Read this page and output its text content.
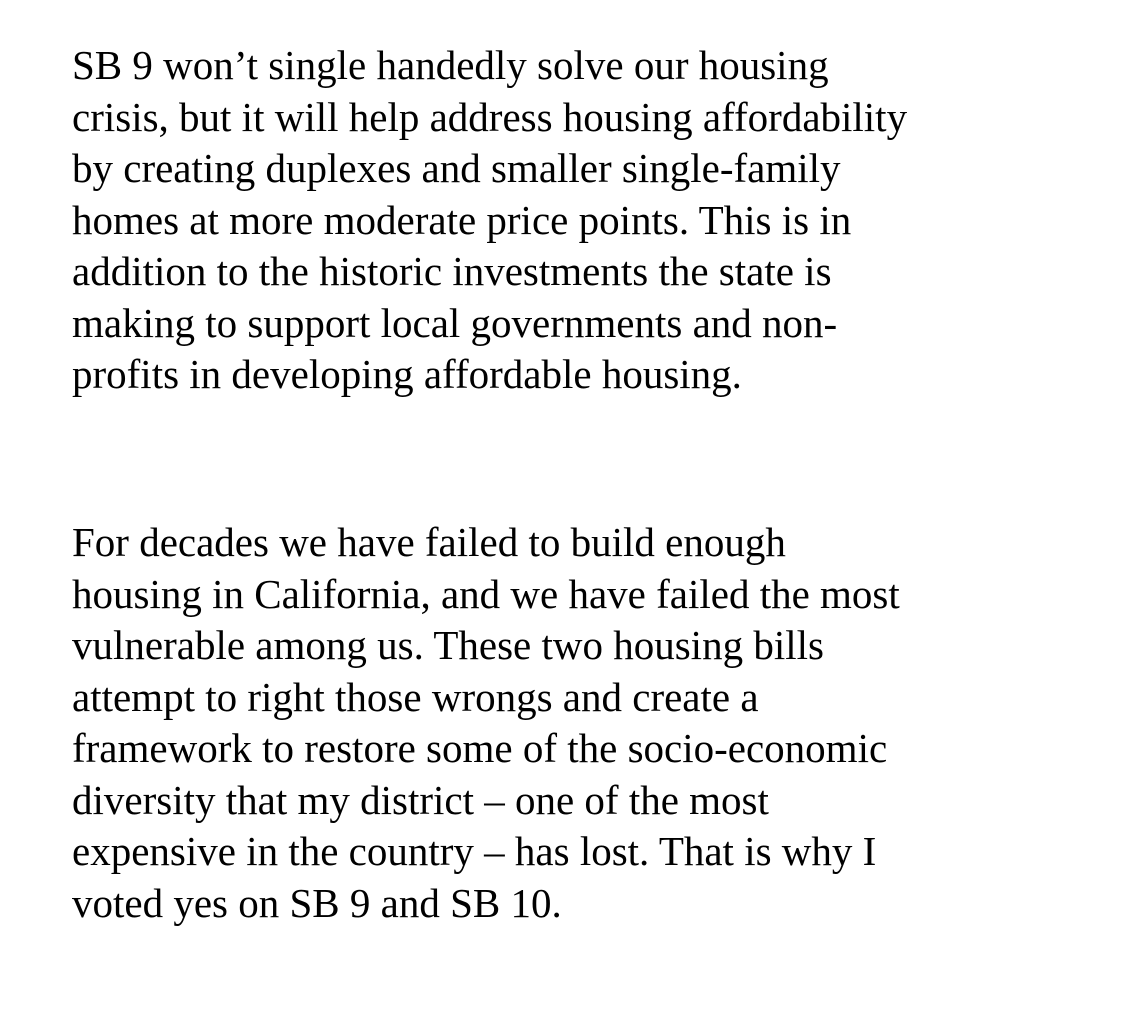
SB 9 won’t single handedly solve our housing
crisis, but it will help address housing affordability
by creating duplexes and smaller single-family
homes at more moderate price points. This is in
addition to the historic investments the state is
making to support local governments and non-
profits in developing affordable housing.

For decades we have failed to build enough
housing in California, and we have failed the most
vulnerable among us. These two housing bills
attempt to right those wrongs and create a
framework to restore some of the socio-economic
diversity that my district – one of the most
expensive in the country – has lost. That is why I
voted yes on SB 9 and SB 10.
